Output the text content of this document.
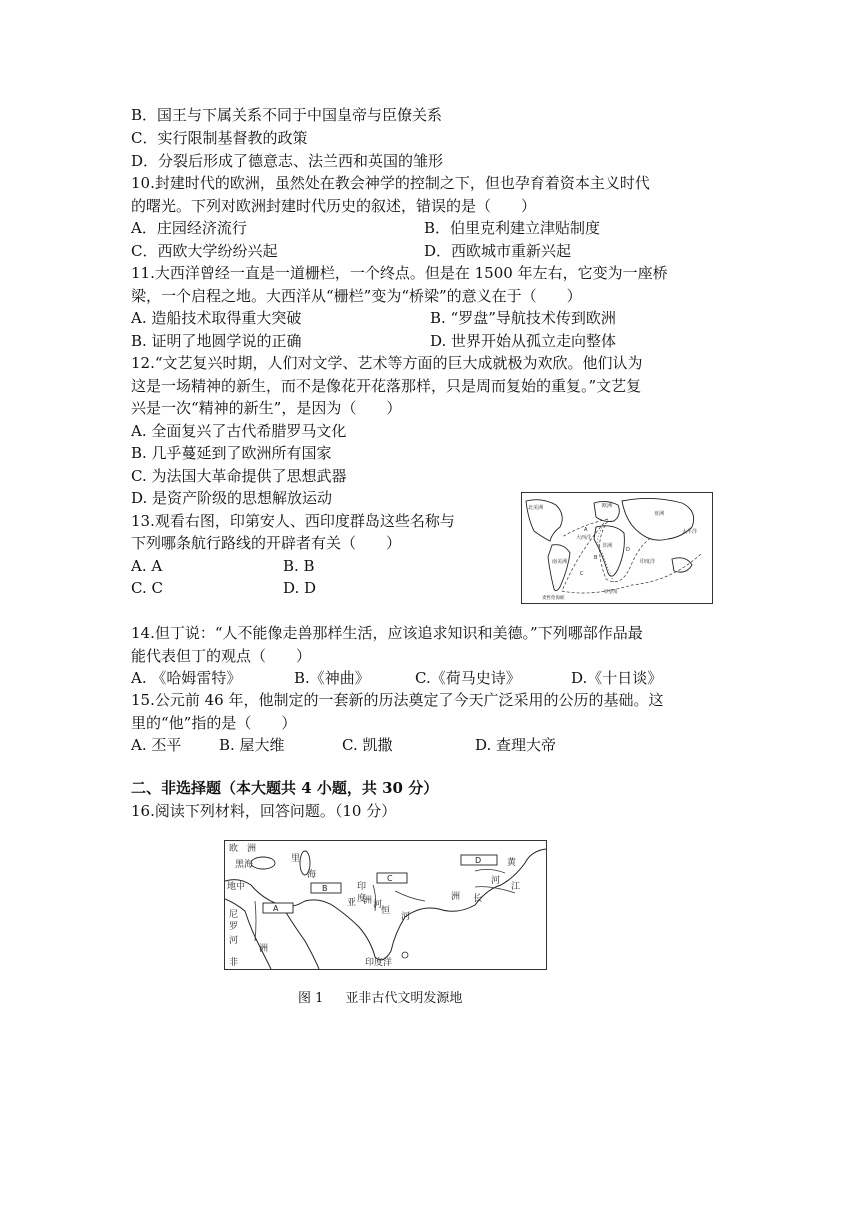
B．国王与下属关系不同于中国皇帝与臣僚关系
C．实行限制基督教的政策
D．分裂后形成了德意志、法兰西和英国的雏形
10.封建时代的欧洲，虽然处在教会神学的控制之下，但也孕育着资本主义时代
的曙光。下列对欧洲封建时代历史的叙述，错误的是（　　）
A．庄园经济流行	B．伯里克利建立津贴制度
C．西欧大学纷纷兴起	D．西欧城市重新兴起
11.大西洋曾经一直是一道栅栏，一个终点。但是在 1500 年左右，它变为一座桥
梁，一个启程之地。大西洋从“栅栏”变为“桥梁”的意义在于（　　）
A. 造船技术取得重大突破	B. “罗盘”导航技术传到欧洲
B. 证明了地圆学说的正确	D. 世界开始从孤立走向整体
12.“文艺复兴时期，人们对文学、艺术等方面的巨大成就极为欢欣。他们认为
这是一场精神的新生，而不是像花开花落那样，只是周而复始的重复。”文艺复
兴是一次“精神的新生”，是因为（　　）
A. 全面复兴了古代希腊罗马文化
B. 几乎蔓延到了欧洲所有国家
C. 为法国大革命提供了思想武器
D. 是资产阶级的思想解放运动
13.观看右图，印第安人、西印度群岛这些名称与
下列哪条航行路线的开辟者有关（　　）
A. A	B. B
C. C	D. D
北美洲	欧洲
亚洲
非洲
南美洲
太平洋
印度洋
大西洋
好望角
麦哲伦海峡
A
B
C
D
14.但丁说：“人不能像走兽那样生活，应该追求知识和美德。”下列哪部作品最
能代表但丁的观点（　　）
A. 《哈姆雷特》	B.《神曲》	C.《荷马史诗》	D.《十日谈》
15.公元前 46 年，他制定的一套新的历法奠定了今天广泛采用的公历的基础。这
里的“他”指的是（　　）
A. 丕平	B. 屋大维	C. 凯撒	D. 查理大帝
二、非选择题（本大题共 4 小题，共 30 分）
16.阅读下列材料，回答问题。（10 分）
A
B
C
D
欧　洲
黑海
里
海
地中
尼
罗
河
非
洲
亚 洲
印
度
河
恒
河
黄
河
长
江
洲
印度洋
图 1 亚非古代文明发源地
